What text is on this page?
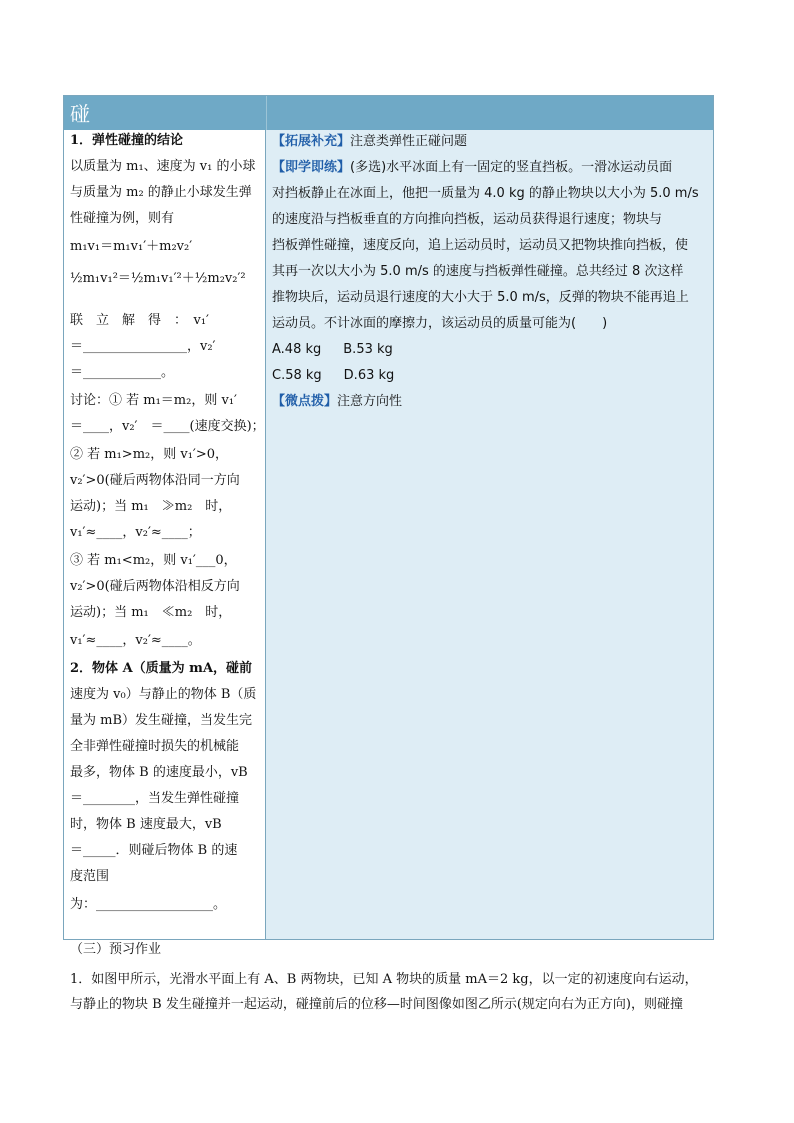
碰
1．弹性碰撞的结论
以质量为 m₁、速度为 v₁ 的小球
与质量为 m₂ 的静止小球发生弹
性碰撞为例，则有
m₁v₁＝m₁v₁′＋m₂v₂′
½m₁v₁²＝½m₁v₁′²＋½m₂v₂′²
联　立　解　得　：　v₁′
＝________________，v₂′
＝____________。
讨论：① 若 m₁＝m₂，则 v₁′
＝____，v₂′　＝____(速度交换)；
② 若 m₁>m₂，则 v₁′>0，
v₂′>0(碰后两物体沿同一方向
运动)；当 m₁　≫m₂　时，
v₁′≈____，v₂′≈____；
③ 若 m₁<m₂，则 v₁′___0，
v₂′>0(碰后两物体沿相反方向
运动)；当 m₁　≪m₂　时，
v₁′≈____，v₂′≈____。
2．物体 A（质量为 mA，碰前
速度为 v₀）与静止的物体 B（质
量为 mB）发生碰撞，当发生完
全非弹性碰撞时损失的机械能
最多，物体 B 的速度最小，vB
＝________，当发生弹性碰撞
时，物体 B 速度最大，vB
＝_____．则碰后物体 B 的速
度范围
为：__________________。
【拓展补充】注意类弹性正碰问题
【即学即练】(多选)水平冰面上有一固定的竖直挡板。一滑冰运动员面
对挡板静止在冰面上，他把一质量为 4.0 kg 的静止物块以大小为 5.0 m/s
的速度沿与挡板垂直的方向推向挡板，运动员获得退行速度；物块与
挡板弹性碰撞，速度反向，追上运动员时，运动员又把物块推向挡板，使
其再一次以大小为 5.0 m/s 的速度与挡板弹性碰撞。总共经过 8 次这样
推物块后，运动员退行速度的大小大于 5.0 m/s，反弹的物块不能再追上
运动员。不计冰面的摩擦力，该运动员的质量可能为(　　)
A.48 kg B.53 kg
C.58 kg D.63 kg
【微点拨】注意方向性
（三）预习作业
1．如图甲所示，光滑水平面上有 A、B 两物块，已知 A 物块的质量 mA＝2 kg，以一定的初速度向右运动，
与静止的物块 B 发生碰撞并一起运动，碰撞前后的位移—时间图像如图乙所示(规定向右为正方向)，则碰撞
